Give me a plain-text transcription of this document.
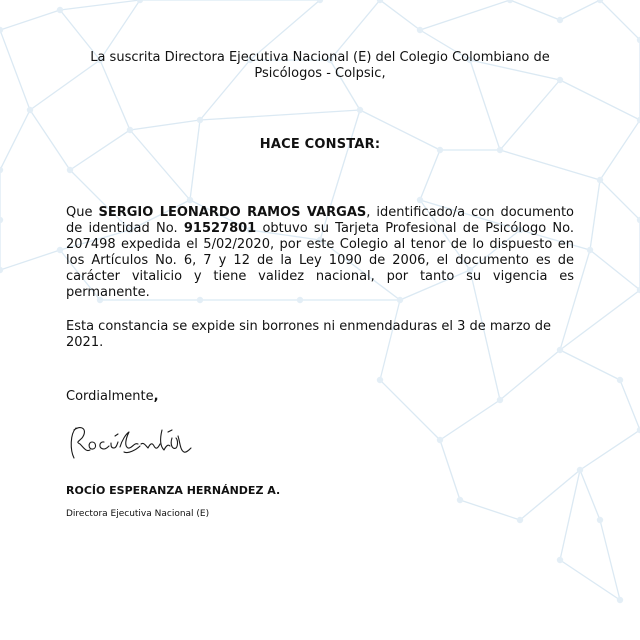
La suscrita Directora Ejecutiva Nacional (E) del Colegio Colombiano de Psicólogos - Colpsic,
HACE CONSTAR:
Que SERGIO LEONARDO RAMOS VARGAS, identificado/a con documento de identidad No. 91527801 obtuvo su Tarjeta Profesional de Psicólogo No. 207498 expedida el 5/02/2020, por este Colegio al tenor de lo dispuesto en los Artículos No. 6, 7 y 12 de la Ley 1090 de 2006, el documento es de carácter vitalicio y tiene validez nacional, por tanto su vigencia es permanente.
Esta constancia se expide sin borrones ni enmendaduras el 3 de marzo de 2021.
Cordialmente,
Rocío Esperanza Hernández
ROCÍO ESPERANZA HERNÁNDEZ A.
Directora Ejecutiva Nacional (E)
